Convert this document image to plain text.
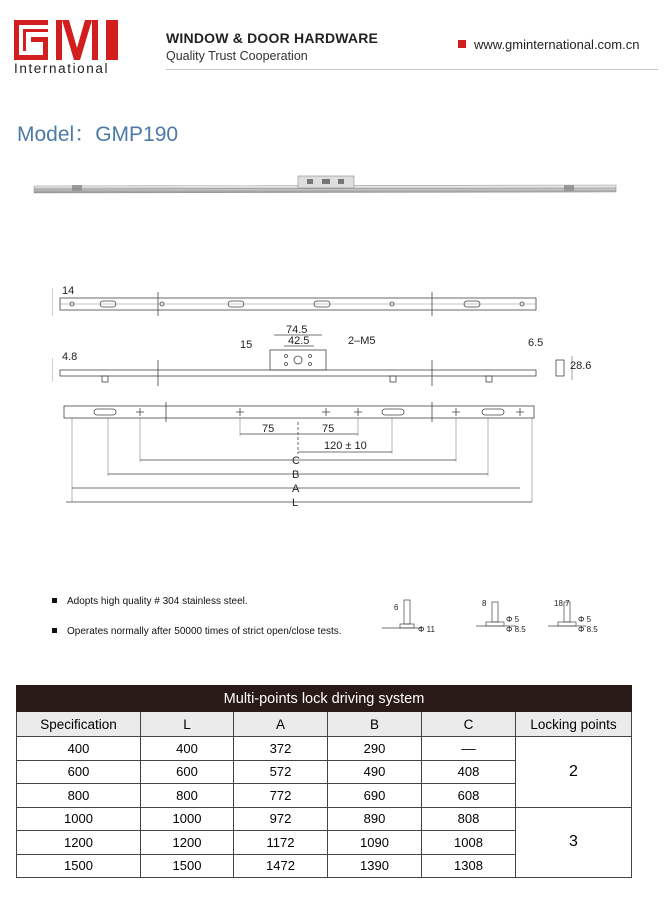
International
WINDOW & DOOR HARDWARE
Quality Trust Cooperation
www.gminternational.com.cn
Model：GMP190
14
4.8
15
74.5
42.5	2–M5	6.5
28.6
75	75
120 ± 10
C
B
A
L
Adopts high quality # 304 stainless steel.
Operates normally after 50000 times of strict open/close tests.
6
Φ 11
8
Φ 5
Φ 8.5
18.7
Φ 5
Φ 8.5
Multi-points lock driving system					
Specification	L	A	B	C	Locking points
400	400	372	290	––	2
600	600	572	490	408	
800	800	772	690	608	
1000	1000	972	890	808	3
1200	1200	1172	1090	1008	
1500	1500	1472	1390	1308	
